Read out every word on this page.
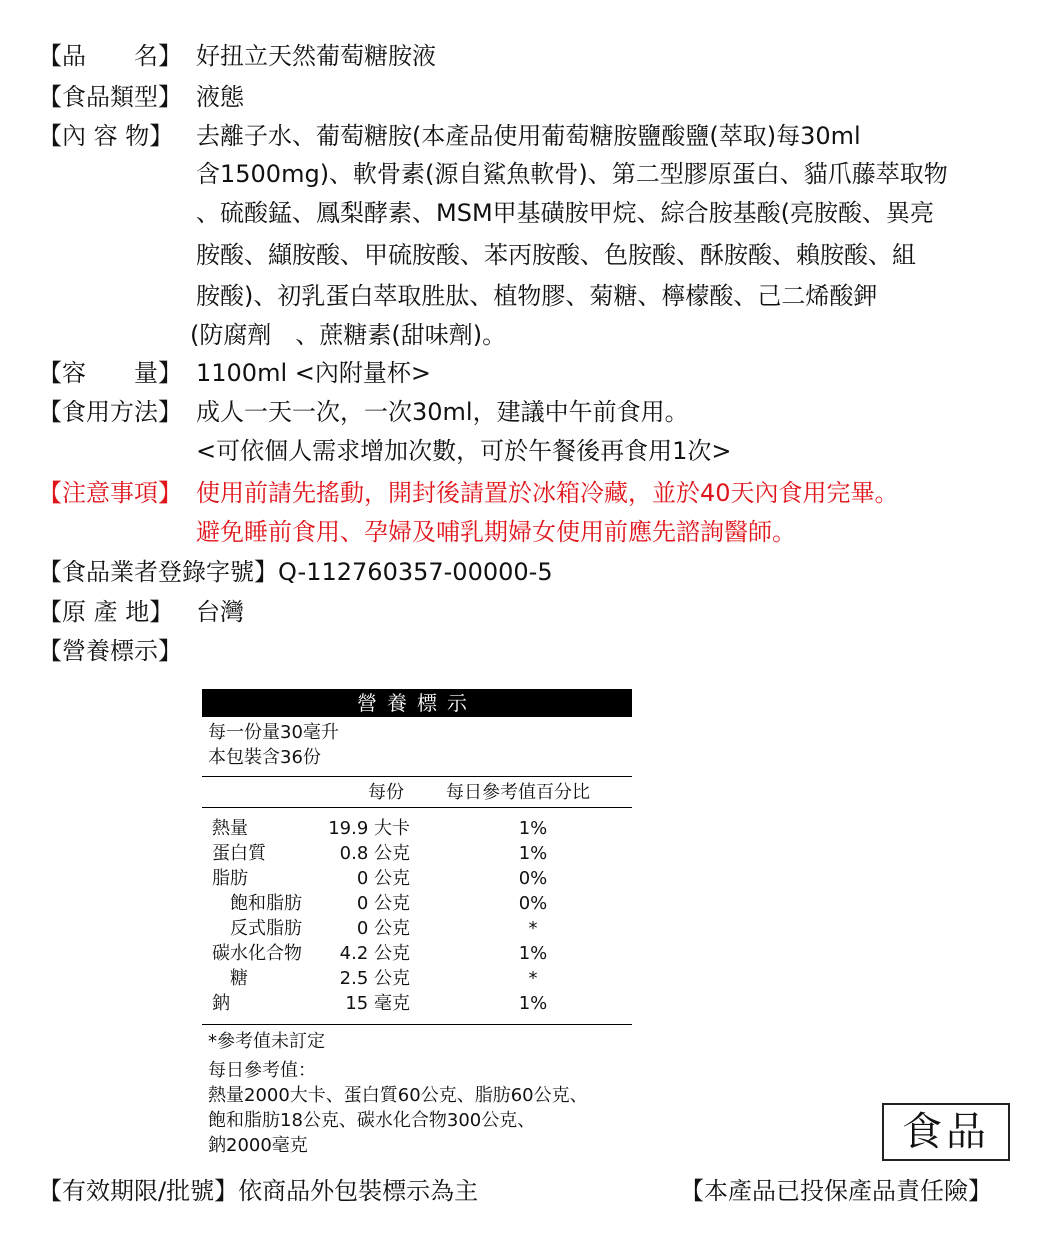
【品　　名】 好扭立天然葡萄糖胺液
【食品類型】 液態
【內 容 物】 去離子水、葡萄糖胺(本產品使用葡萄糖胺鹽酸鹽(萃取)每30ml
含1500mg)、軟骨素(源自鯊魚軟骨)、第二型膠原蛋白、貓爪藤萃取物
、硫酸錳、鳳梨酵素、MSM甲基磺胺甲烷、綜合胺基酸(亮胺酸、異亮
胺酸、纈胺酸、甲硫胺酸、苯丙胺酸、色胺酸、酥胺酸、賴胺酸、組
胺酸)、初乳蛋白萃取胜肽、植物膠、菊糖、檸檬酸、己二烯酸鉀
(防腐劑　、蔗糖素(甜味劑)。
【容　　量】 1100ml <內附量杯>
【食用方法】 成人一天一次，一次30ml，建議中午前食用。
<可依個人需求增加次數，可於午餐後再食用1次>
【注意事項】 使用前請先搖動，開封後請置於冰箱冷藏，並於40天內食用完畢。
避免睡前食用、孕婦及哺乳期婦女使用前應先諮詢醫師。
【食品業者登錄字號】Q-112760357-00000-5
【原 產 地】 台灣
【營養標示】
營養標示
每一份量30毫升
本包裝含36份
每份 每日參考值百分比
熱量	19.9 大卡	1%
蛋白質	0.8 公克	1%
脂肪	0 公克	0%
　飽和脂肪	0 公克	0%
　反式脂肪	0 公克	*
碳水化合物 4.2 公克	1%
　糖	2.5 公克	*
鈉	15 毫克	1%
*參考值未訂定
每日參考值：
熱量2000大卡、蛋白質60公克、脂肪60公克、
飽和脂肪18公克、碳水化合物300公克、
鈉2000毫克	食品
【有效期限/批號】依商品外包裝標示為主	【本產品已投保產品責任險】
